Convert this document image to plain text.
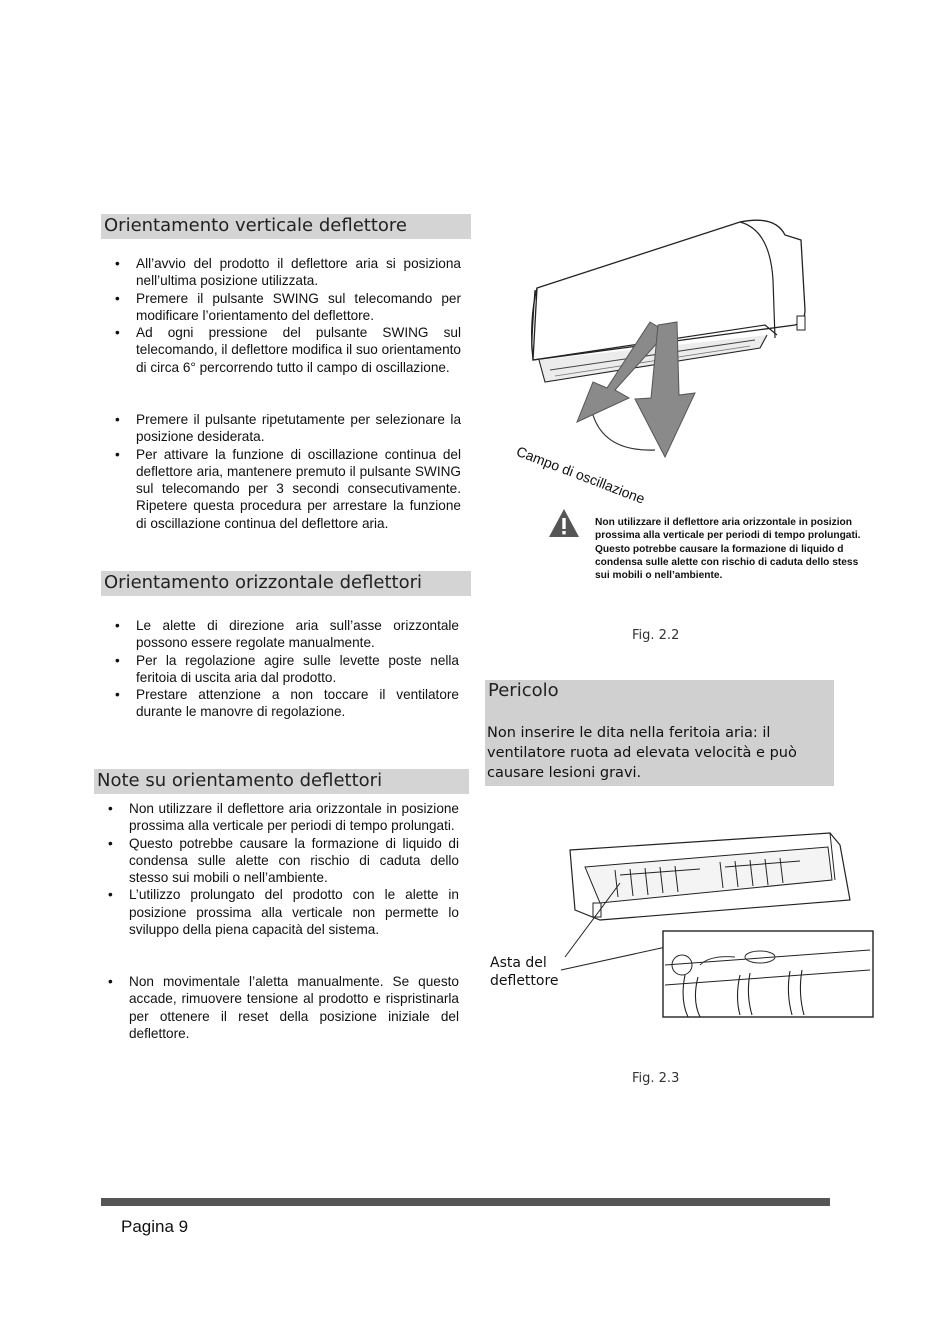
Orientamento verticale deflettore
• All’avvio del prodotto il deflettore aria si posiziona nell’ultima posizione utilizzata.
• Premere il pulsante SWING sul telecomando per modificare l’orientamento del deflettore.
• Ad ogni pressione del pulsante SWING sul telecomando, il deflettore modifica il suo orientamento di circa 6° percorrendo tutto il campo di oscillazione.
• Premere il pulsante ripetutamente per selezionare la posizione desiderata.
• Per attivare la funzione di oscillazione continua del deflettore aria, mantenere premuto il pulsante SWING sul telecomando per 3 secondi consecutivamente. Ripetere questa procedura per arrestare la funzione di oscillazione continua del deflettore aria.
Orientamento orizzontale deflettori
• Le alette di direzione aria sull’asse orizzontale possono essere regolate manualmente.
• Per la regolazione agire sulle levette poste nella feritoia di uscita aria dal prodotto.
• Prestare attenzione a non toccare il ventilatore durante le manovre di regolazione.
Note su orientamento deflettori
• Non utilizzare il deflettore aria orizzontale in posizione prossima alla verticale per periodi di tempo prolungati.
• Questo potrebbe causare la formazione di liquido di condensa sulle alette con rischio di caduta dello stesso sui mobili o nell’ambiente.
• L’utilizzo prolungato del prodotto con le alette in posizione prossima alla verticale non permette lo sviluppo della piena capacità del sistema.
• Non movimentale l’aletta manualmente. Se questo accade, rimuovere tensione al prodotto e rispristinarla per ottenere il reset della posizione iniziale del deflettore.
Campo di oscillazione
Non utilizzare il deflettore aria orizzontale in posizion
prossima alla verticale per periodi di tempo prolungati.
Questo potrebbe causare la formazione di liquido d
condensa sulle alette con rischio di caduta dello stess
sui mobili o nell’ambiente.
Fig. 2.2
Pericolo
Non inserire le dita nella feritoia aria: il ventilatore ruota ad elevata velocità e può causare lesioni gravi.
Asta del
deflettore
Fig. 2.3
Pagina 9
